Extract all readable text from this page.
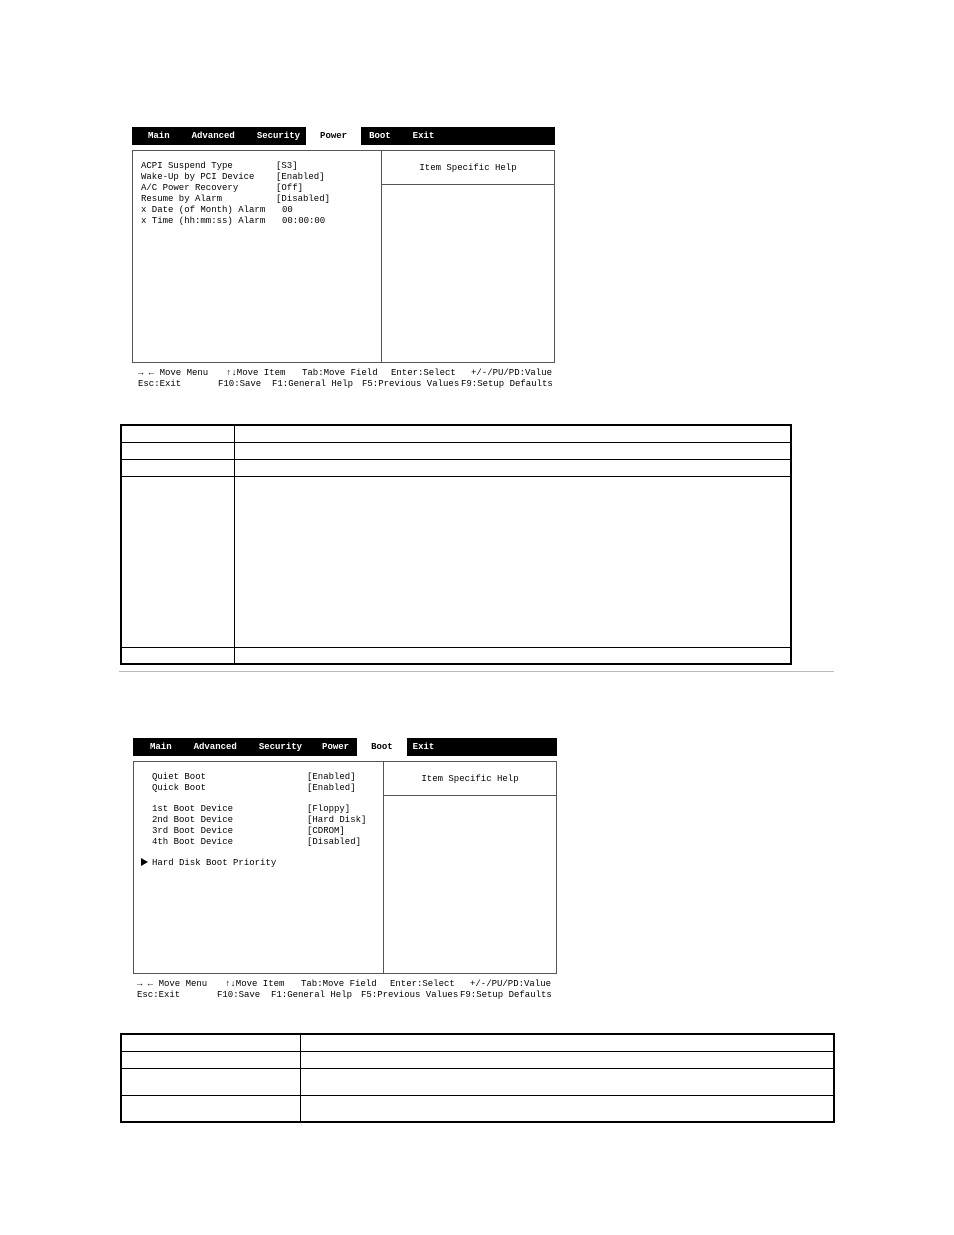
Main	Advanced	Security	Power	Boot	Exit
ACPI Suspend Type	[S3]
Wake-Up by PCI Device [Enabled]
A/C Power Recovery	[Off]
Resume by Alarm	[Disabled]
x Date (of Month) Alarm 00
x Time (hh:mm:ss) Alarm 00:00:00
Item Specific Help
→ ← Move Menu ↑↓Move Item Tab:Move Field Enter:Select +/-/PU/PD:Value
Esc:Exit	F10:Save F1:General Help F5:Previous Values F9:Setup Defaults

Main	Advanced	Security	Power	Boot	Exit
Quiet Boot	[Enabled]
Quick Boot	[Enabled]
1st Boot Device	[Floppy]
2nd Boot Device	[Hard Disk]
3rd Boot Device	[CDROM]
4th Boot Device	[Disabled]
Hard Disk Boot Priority
Item Specific Help
→ ← Move Menu ↑↓Move Item Tab:Move Field Enter:Select +/-/PU/PD:Value
Esc:Exit	F10:Save F1:General Help F5:Previous Values F9:Setup Defaults
